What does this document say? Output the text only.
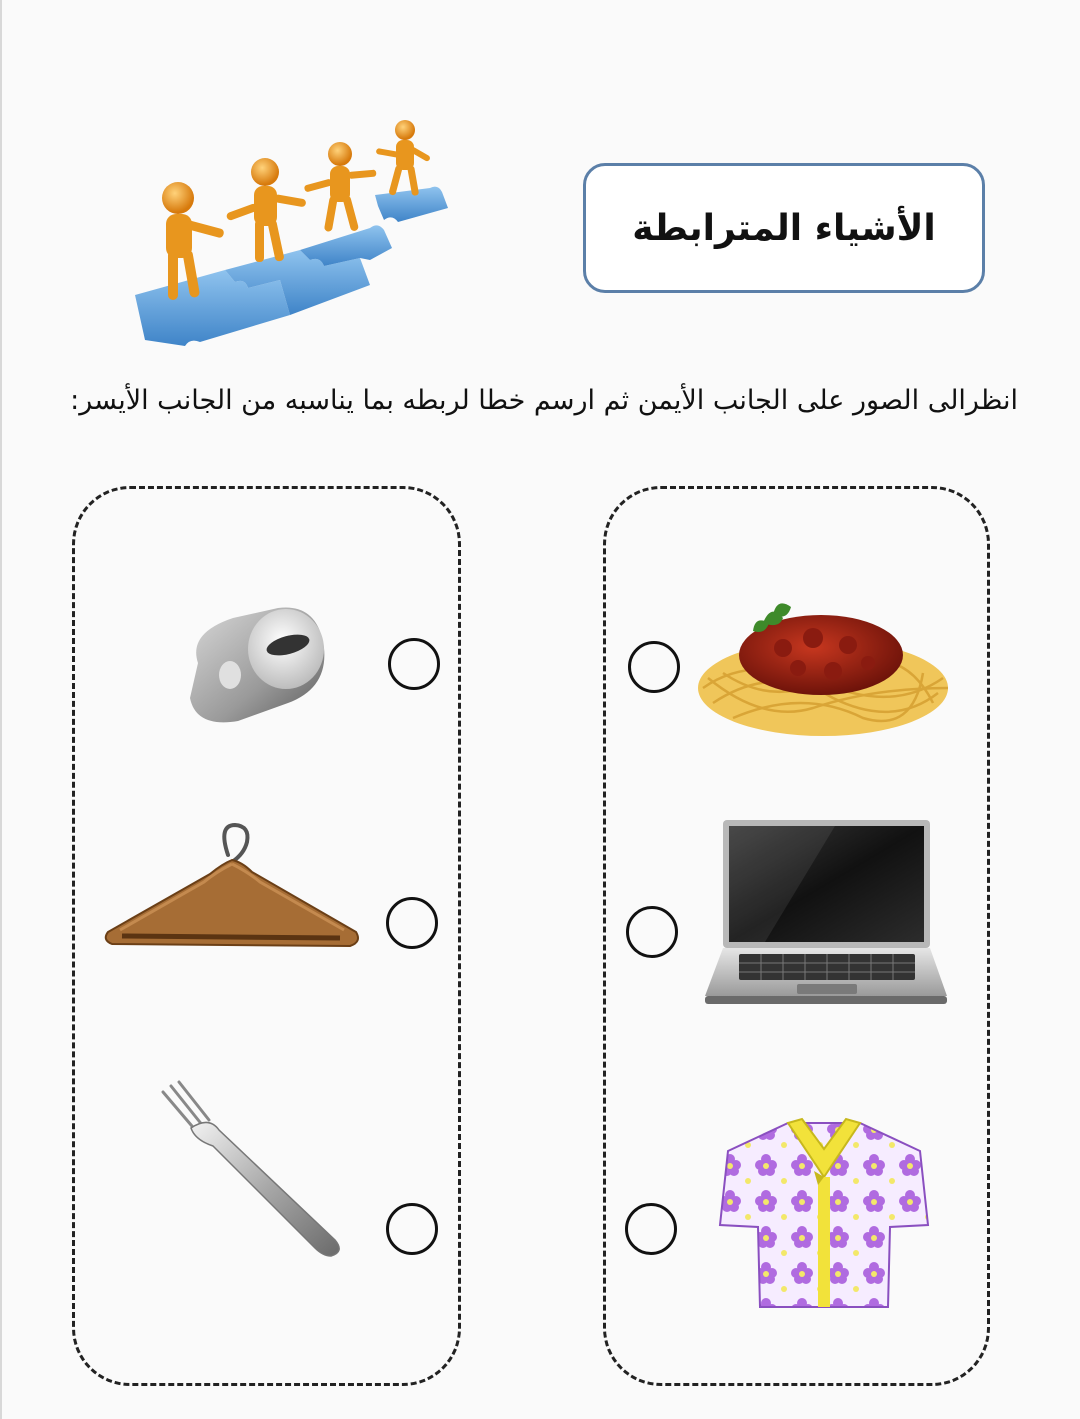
الأشياء المترابطة
انظرالى الصور على الجانب الأيمن ثم ارسم خطا لربطه بما يناسبه من الجانب الأيسر:
